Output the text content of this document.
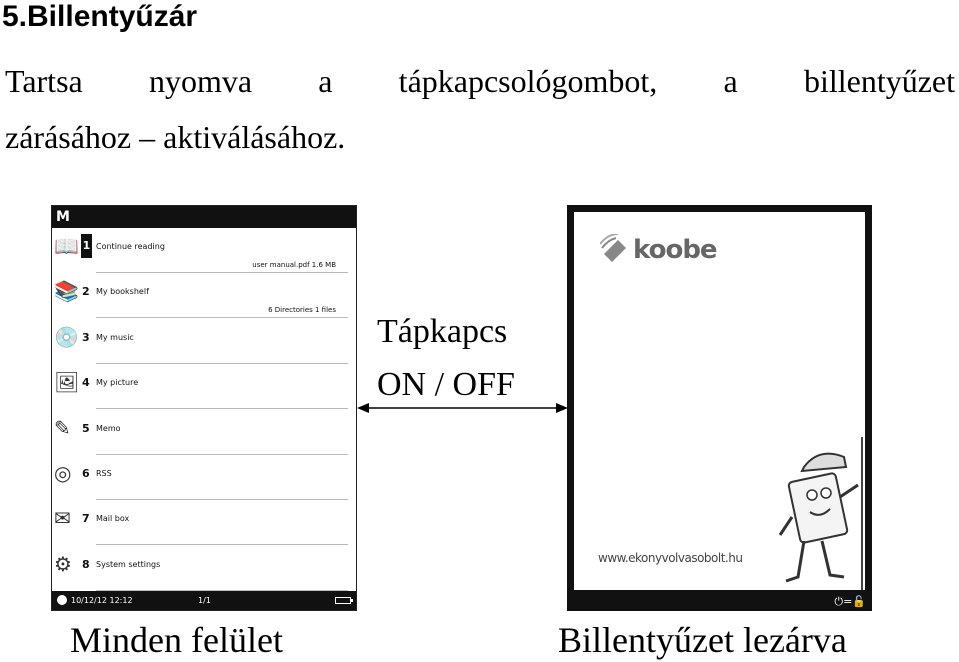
5.Billentyűzár
Tartsa nyomva a tápkapcsológombot, a billentyűzet
zárásához – aktiválásához.
M
📖 1 Continue reading
user manual.pdf 1.6 MB
📚 2 My bookshelf
6 Directories 1 files
💿 3 My music
🖼 4 My picture
✎	5 Memo
◎ 6 RSS
✉	7 Mail box
⚙ 8 System settings
10/12/12 12:12	1/1
Tápkapcs
ON / OFF
koobe
www.ekonyvolvasobolt.hu
⏻=🔓
Minden felület	Billentyűzet lezárva
